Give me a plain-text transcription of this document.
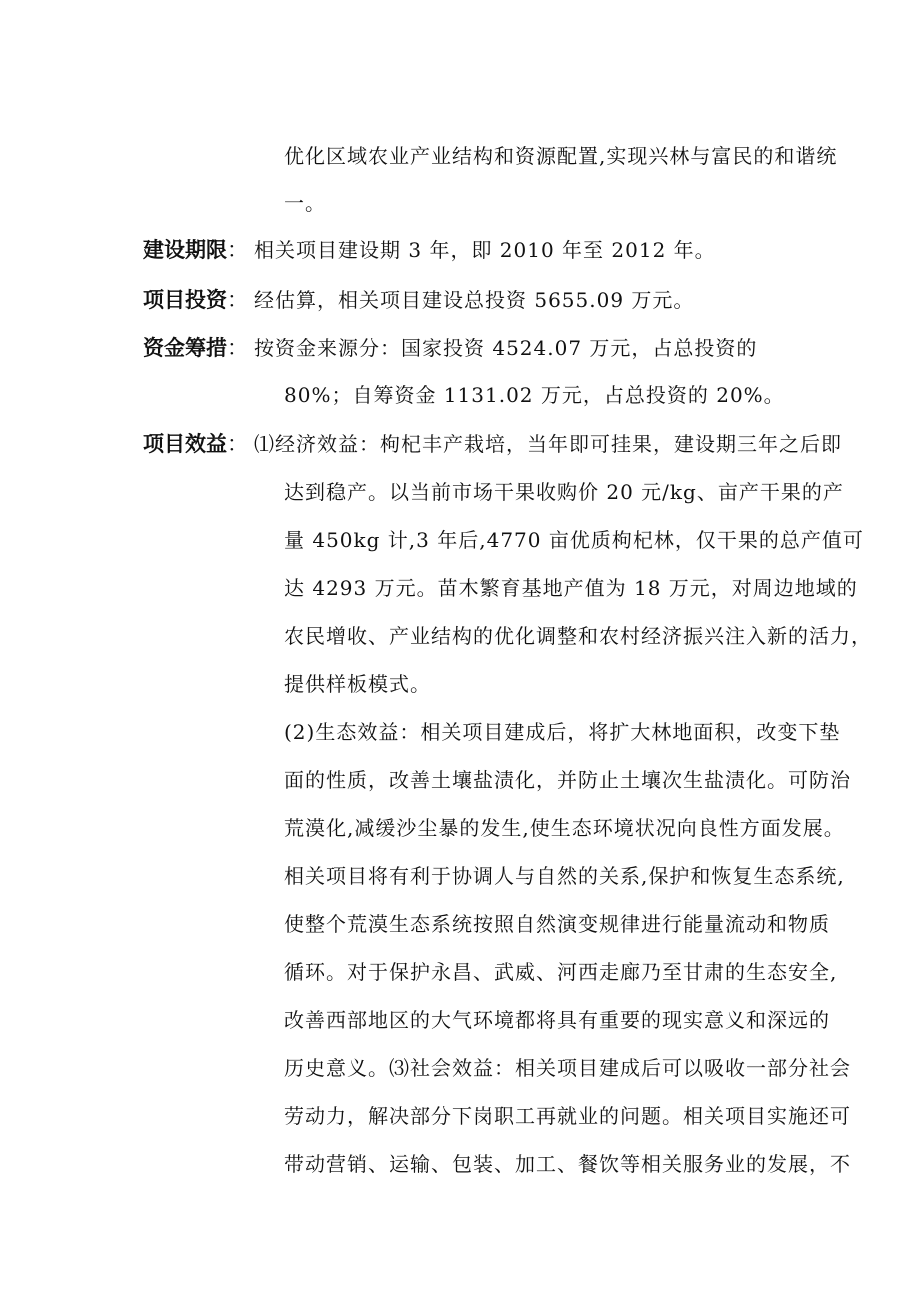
优化区域农业产业结构和资源配置,实现兴林与富民的和谐统
一。
建设期限： 相关项目建设期 3 年，即 2010 年至 2012 年。
项目投资： 经估算，相关项目建设总投资 5655.09 万元。
资金筹措： 按资金来源分：国家投资 4524.07 万元，占总投资的
80%；自筹资金 1131.02 万元，占总投资的 20%。
项目效益： ⑴经济效益：枸杞丰产栽培，当年即可挂果，建设期三年之后即
达到稳产。以当前市场干果收购价 20 元/kg、亩产干果的产
量 450kg 计,3 年后,4770 亩优质枸杞林，仅干果的总产值可
达 4293 万元。苗木繁育基地产值为 18 万元，对周边地域的
农民增收、产业结构的优化调整和农村经济振兴注入新的活力，
提供样板模式。
(2)生态效益：相关项目建成后，将扩大林地面积，改变下垫
面的性质，改善土壤盐渍化，并防止土壤次生盐渍化。可防治
荒漠化,减缓沙尘暴的发生,使生态环境状况向良性方面发展。
相关项目将有利于协调人与自然的关系,保护和恢复生态系统,
使整个荒漠生态系统按照自然演变规律进行能量流动和物质
循环。对于保护永昌、武威、河西走廊乃至甘肃的生态安全,
改善西部地区的大气环境都将具有重要的现实意义和深远的
历史意义。⑶社会效益：相关项目建成后可以吸收一部分社会
劳动力，解决部分下岗职工再就业的问题。相关项目实施还可
带动营销、运输、包装、加工、餐饮等相关服务业的发展，不
